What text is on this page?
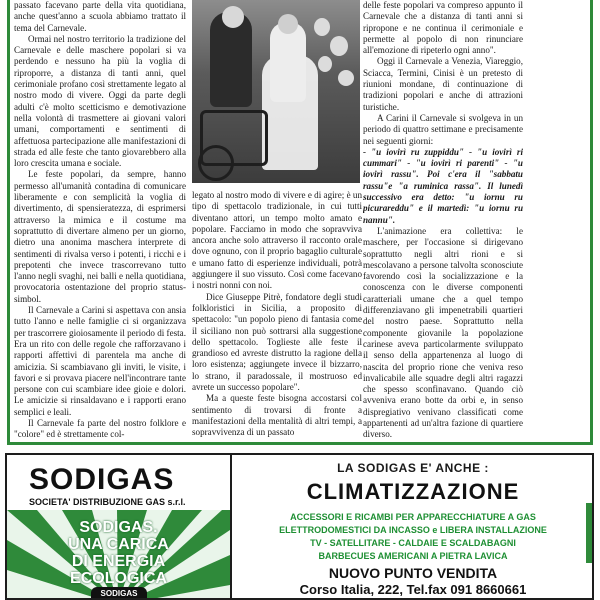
passato facevano parte della vita quotidiana, anche quest'anno a scuola abbiamo trattato il tema del Carnevale.

Ormai nel nostro territorio la tradizione del Carnevale e delle maschere popolari si va perdendo e nessuno ha più la voglia di riproporre, a distanza di tanti anni, quel cerimoniale profano così strettamente legato al nostro modo di vivere. Oggi da parte degli adulti c'è molto scetticismo e demotivazione nella volontà di trasmettere ai giovani valori umani, comportamenti e sentimenti di affettuosa partecipazione alle manifestazioni di strada ed alle feste che tanto giovarebbero alla loro crescita umana e sociale.

Le feste popolari, da sempre, hanno permesso all'umanità contadina di comunicare liberamente e con semplicità la voglia di divertimento, di spensieratezza, di esprimersi attraverso la mimica e il costume ma soprattutto di divertare almeno per un giorno, dietro una anonima maschera interprete di sentimenti di rivalsa verso i potenti, i ricchi e i prepotenti che invece trascorrevano tutto l'anno negli svaghi, nei balli e nella quotidiana, provocatoria ostentazione del proprio status-simbol.

Il Carnevale a Carini si aspettava con ansia tutto l'anno e nelle famiglie ci si organizzava per trascorrere gioiosamente il periodo di festa. Era un rito con delle regole che rafforzavano i rapporti affettivi di parentela ma anche di amicizia. Si scambiavano gli inviti, le visite, i favori e si provava piacere nell'incontrare tante persone con cui scambiare idee gioie e dolori. Le amicizie si rinsaldavano e i rapporti erano semplici e leali.

Il Carnevale fa parte del nostro folklore e "colore" ed è strettamente col-

legato al nostro modo di vivere e di agire; è un tipo di spettacolo tradizionale, in cui tutti diventano attori, un tempo molto amato e popolare. Facciamo in modo che sopravviva ancora anche solo attraverso il racconto orale dove ognuno, con il proprio bagaglio culturale e umano fatto di esperienze individuali, potrà aggiungere il suo vissuto. Così come facevano i nostri nonni con noi.

Dice Giuseppe Pitrè, fondatore degli studi folkloristici in Sicilia, a proposito di spettacolo: "un popolo pieno di fantasia come il siciliano non può sottrarsi alla suggestione dello spettacolo. Toglieste alle feste il grandioso ed avreste distrutto la ragione della loro esistenza; aggiungete invece il bizzarro, lo strano, il paradossale, il mostruoso ed avrete un successo popolare".

Ma a queste feste bisogna accostarsi col sentimento di trovarsi di fronte a manifestazioni della mentalità di altri tempi, a sopravvivenza di un passato

delle feste popolari va compreso appunto il Carnevale che a distanza di tanti anni si ripropone e ne continua il cerimoniale e permette al popolo di non rinunciare all'emozione di ripeterlo ogni anno".

Oggi il Carnevale a Venezia, Viareggio, Sciacca, Termini, Cinisi è un pretesto di riunioni mondane, di continuazione di tradizioni popolari e anche di attrazioni turistiche.

A Carini il Carnevale si svolgeva in un periodo di quattro settimane e precisamente nei seguenti giorni:

- "u iovirì ru zuppiddu" - "u iovirì ri cummari" - "u iovirì ri parenti" - "u iovirì rassu". Poi c'era il "sabbatu rassu"e "a ruminica rassa". Il lunedì successivo era detto: "u iornu ru picurareddu" e il martedì: "u iornu ru nannu".

L'animazione era collettiva: le maschere, per l'occasione si dirigevano soprattutto negli altri rioni e si mescolavano a persone talvolta sconosciute favorendo così la socializzazione e la conoscenza con le diverse componenti caratteriali umane che a quel tempo differenziavano gli impenetrabili quartieri del nostro paese. Soprattutto nella componente giovanile la popolazione carinese aveva particolarmente sviluppato il senso della appartenenza al luogo di nascita del proprio rione che veniva reso invalicabile alle squadre degli altri ragazzi che spesso sconfinavano. Quando ciò avveniva erano botte da orbi e, in senso dispregiativo venivano classificati come appartenenti ad un'altra fazione di quartiere diverso.

SODIGAS
SOCIETA' DISTRIBUZIONE GAS s.r.l.
SODIGAS.
UNA CARICA
DI ENERGIA
ECOLOGICA
SODIGAS
LA SODIGAS E' ANCHE :
CLIMATIZZAZIONE
ACCESSORI E RICAMBI PER APPARECCHIATURE A GAS
ELETTRODOMESTICI DA INCASSO e LIBERA INSTALLAZIONE
TV - SATELLITARE - CALDAIE E SCALDABAGNI
BARBECUES AMERICANI A PIETRA LAVICA
NUOVO PUNTO VENDITA
Corso Italia, 222, Tel.fax 091 8660661
